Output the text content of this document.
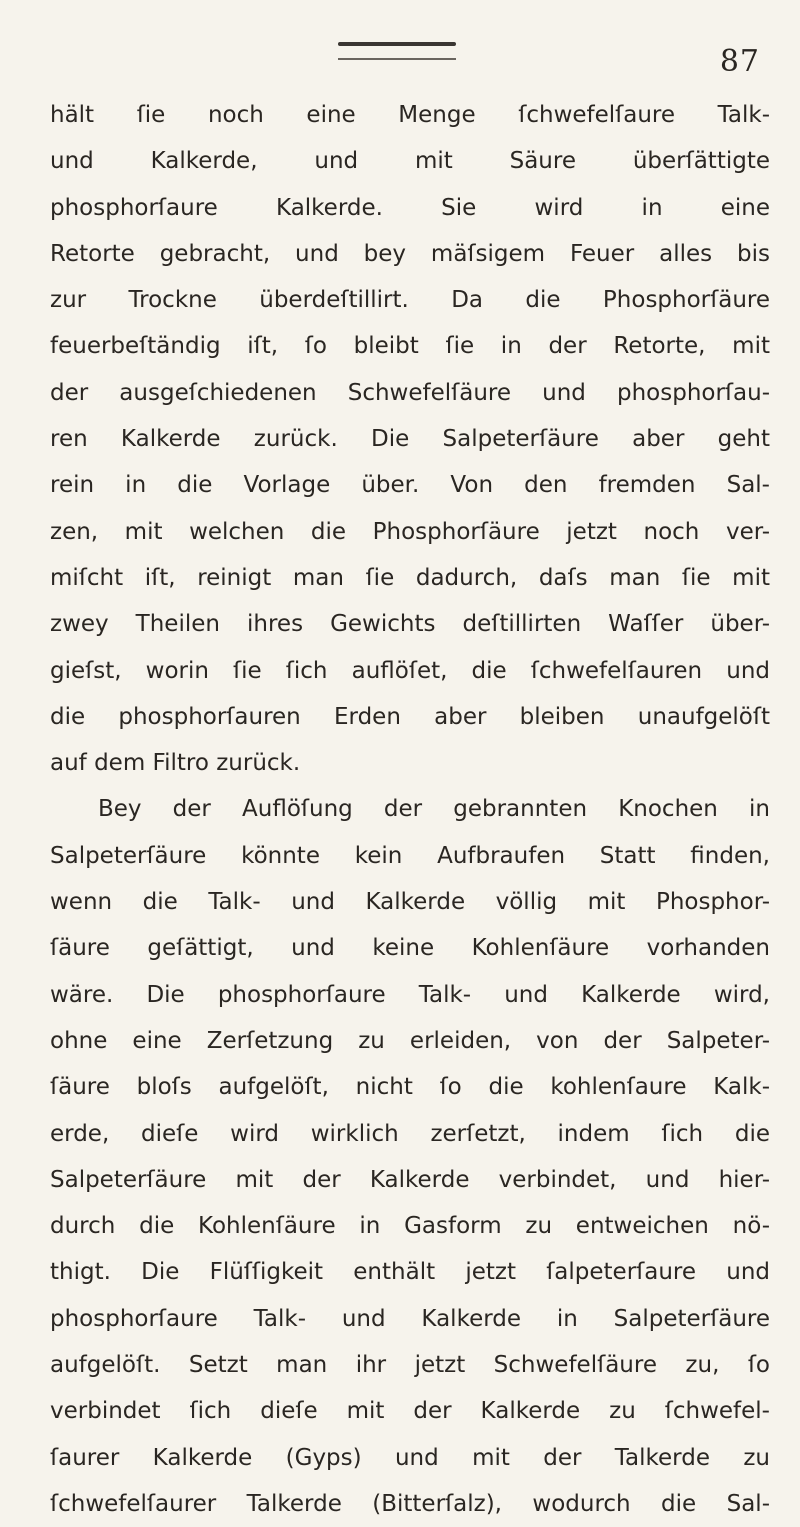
87
hält ſie noch eine Menge ſchwefelſaure Talk-
und Kalkerde, und mit Säure überſättigte
phosphorſaure Kalkerde. Sie wird in eine
Retorte gebracht, und bey mäſsigem Feuer alles bis
zur Trockne überdeſtillirt. Da die Phosphorſäure
feuerbeſtändig iſt, ſo bleibt ſie in der Retorte, mit
der ausgeſchiedenen Schwefelſäure und phosphorſau-
ren Kalkerde zurück. Die Salpeterſäure aber geht
rein in die Vorlage über. Von den fremden Sal-
zen, mit welchen die Phosphorſäure jetzt noch ver-
miſcht iſt, reinigt man ſie dadurch, daſs man ſie mit
zwey Theilen ihres Gewichts deſtillirten Waſſer über-
gieſst, worin ſie ſich auflöſet, die ſchwefelſauren und
die phosphorſauren Erden aber bleiben unaufgelöſt
auf dem Filtro zurück.
Bey der Auflöſung der gebrannten Knochen in
Salpeterſäure könnte kein Aufbraufen Statt finden,
wenn die Talk- und Kalkerde völlig mit Phosphor-
ſäure geſättigt, und keine Kohlenſäure vorhanden
wäre. Die phosphorſaure Talk- und Kalkerde wird,
ohne eine Zerſetzung zu erleiden, von der Salpeter-
ſäure bloſs aufgelöſt, nicht ſo die kohlenſaure Kalk-
erde, dieſe wird wirklich zerſetzt, indem ſich die
Salpeterſäure mit der Kalkerde verbindet, und hier-
durch die Kohlenſäure in Gasform zu entweichen nö-
thigt. Die Flüſſigkeit enthält jetzt ſalpeterſaure und
phosphorſaure Talk- und Kalkerde in Salpeterſäure
aufgelöſt. Setzt man ihr jetzt Schwefelſäure zu, ſo
verbindet ſich dieſe mit der Kalkerde zu ſchwefel-
ſaurer Kalkerde (Gyps) und mit der Talkerde zu
ſchwefelſaurer Talkerde (Bitterſalz), wodurch die Sal-
